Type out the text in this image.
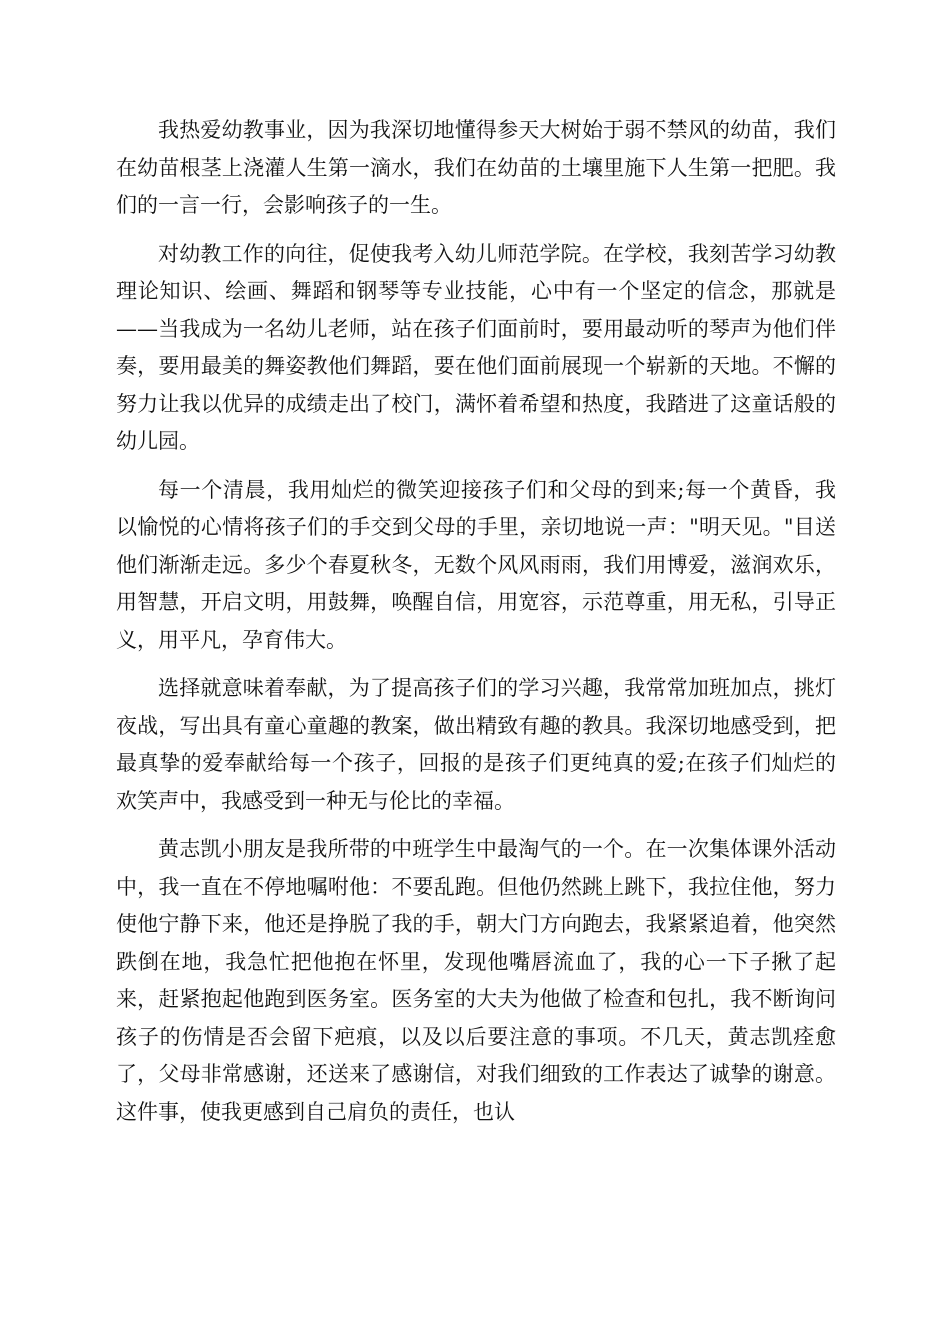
我热爱幼教事业，因为我深切地懂得参天大树始于弱不禁风的幼苗，我们在幼苗根茎上浇灌人生第一滴水，我们在幼苗的土壤里施下人生第一把肥。我们的一言一行，会影响孩子的一生。

对幼教工作的向往，促使我考入幼儿师范学院。在学校，我刻苦学习幼教理论知识、绘画、舞蹈和钢琴等专业技能，心中有一个坚定的信念，那就是——当我成为一名幼儿老师，站在孩子们面前时，要用最动听的琴声为他们伴奏，要用最美的舞姿教他们舞蹈，要在他们面前展现一个崭新的天地。不懈的努力让我以优异的成绩走出了校门，满怀着希望和热度，我踏进了这童话般的幼儿园。

每一个清晨，我用灿烂的微笑迎接孩子们和父母的到来;每一个黄昏，我以愉悦的心情将孩子们的手交到父母的手里，亲切地说一声："明天见。"目送他们渐渐走远。多少个春夏秋冬，无数个风风雨雨，我们用博爱，滋润欢乐，用智慧，开启文明，用鼓舞，唤醒自信，用宽容，示范尊重，用无私，引导正义，用平凡，孕育伟大。

选择就意味着奉献，为了提高孩子们的学习兴趣，我常常加班加点，挑灯夜战，写出具有童心童趣的教案，做出精致有趣的教具。我深切地感受到，把最真挚的爱奉献给每一个孩子，回报的是孩子们更纯真的爱;在孩子们灿烂的欢笑声中，我感受到一种无与伦比的幸福。

黄志凯小朋友是我所带的中班学生中最淘气的一个。在一次集体课外活动中，我一直在不停地嘱咐他：不要乱跑。但他仍然跳上跳下，我拉住他，努力使他宁静下来，他还是挣脱了我的手，朝大门方向跑去，我紧紧追着，他突然跌倒在地，我急忙把他抱在怀里，发现他嘴唇流血了，我的心一下子揪了起来，赶紧抱起他跑到医务室。医务室的大夫为他做了检查和包扎，我不断询问孩子的伤情是否会留下疤痕，以及以后要注意的事项。不几天，黄志凯痊愈了，父母非常感谢，还送来了感谢信，对我们细致的工作表达了诚挚的谢意。这件事，使我更感到自己肩负的责任，也认
